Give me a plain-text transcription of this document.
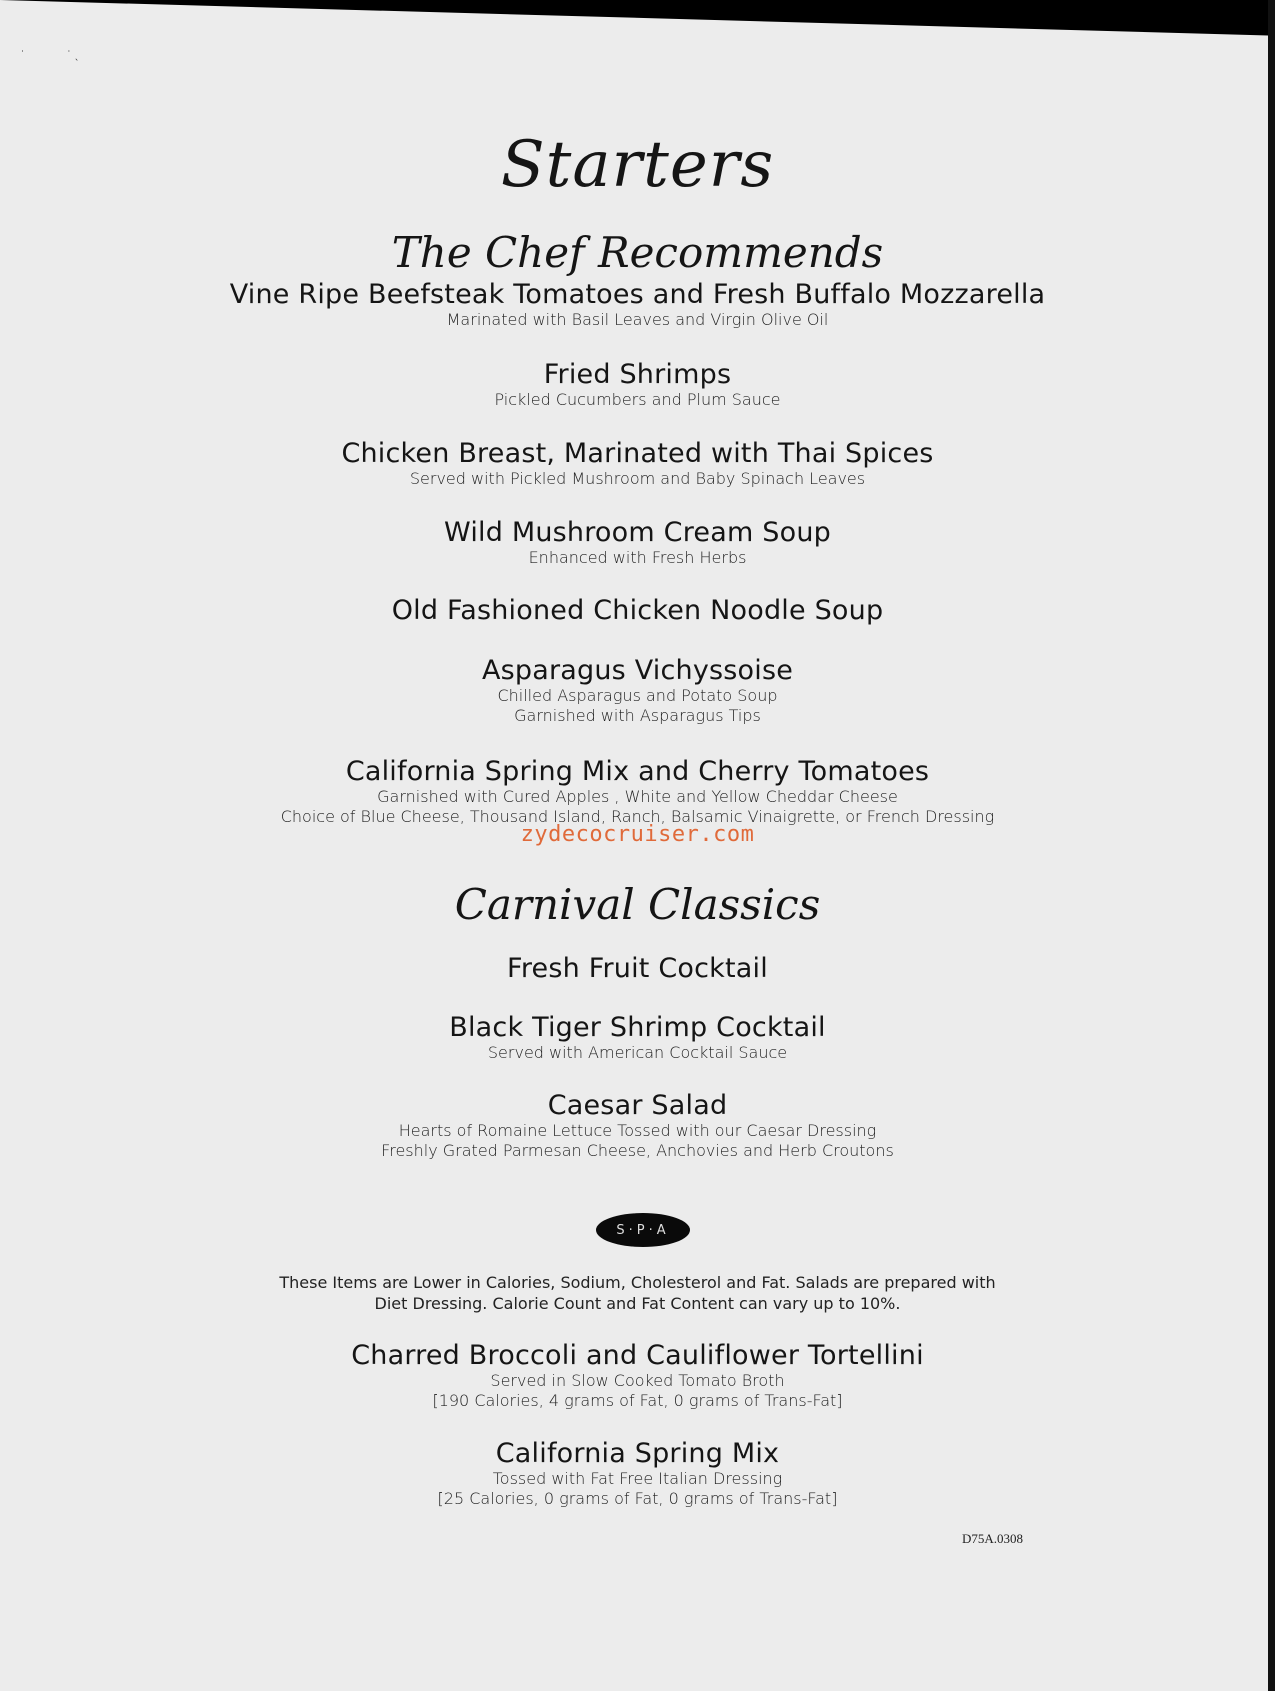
˙             ˙ ˎ
Starters
The Chef Recommends
Vine Ripe Beefsteak Tomatoes and Fresh Buffalo Mozzarella
Marinated with Basil Leaves and Virgin Olive Oil
Fried Shrimps
Pickled Cucumbers and Plum Sauce
Chicken Breast, Marinated with Thai Spices
Served with Pickled Mushroom and Baby Spinach Leaves
Wild Mushroom Cream Soup
Enhanced with Fresh Herbs
Old Fashioned Chicken Noodle Soup
Asparagus Vichyssoise
Chilled Asparagus and Potato Soup
Garnished with Asparagus Tips
California Spring Mix and Cherry Tomatoes
Garnished with Cured Apples , White and Yellow Cheddar Cheese
Choice of Blue Cheese, Thousand Island, Ranch, Balsamic Vinaigrette, or French Dressing
zydecocruiser.com
Carnival Classics
Fresh Fruit Cocktail
Black Tiger Shrimp Cocktail
Served with American Cocktail Sauce
Caesar Salad
Hearts of Romaine Lettuce Tossed with our Caesar Dressing
Freshly Grated Parmesan Cheese, Anchovies and Herb Croutons
S·P·A
These Items are Lower in Calories, Sodium, Cholesterol and Fat. Salads are prepared with
Diet Dressing. Calorie Count and Fat Content can vary up to 10%.
Charred Broccoli and Cauliflower Tortellini
Served in Slow Cooked Tomato Broth
[190 Calories, 4 grams of Fat, 0 grams of Trans-Fat]
California Spring Mix
Tossed with Fat Free Italian Dressing
[25 Calories, 0 grams of Fat, 0 grams of Trans-Fat]
D75A.0308
